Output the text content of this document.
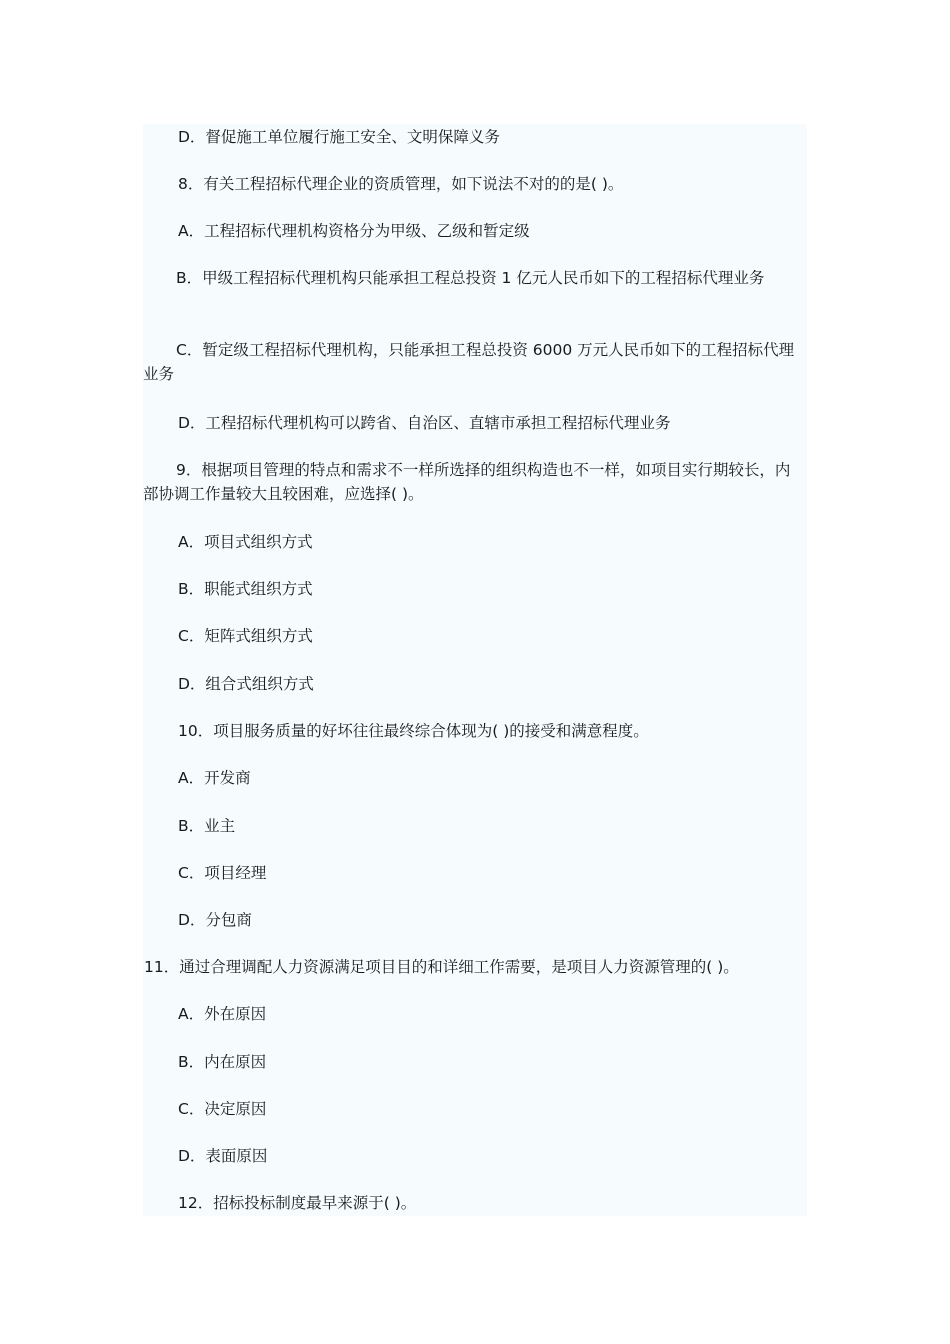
D．督促施工单位履行施工安全、文明保障义务
8．有关工程招标代理企业的资质管理，如下说法不对的的是( )。
A．工程招标代理机构资格分为甲级、乙级和暂定级
B．甲级工程招标代理机构只能承担工程总投资 1 亿元人民币如下的工程招标代理业务
C．暂定级工程招标代理机构，只能承担工程总投资 6000 万元人民币如下的工程招标代理业务
D．工程招标代理机构可以跨省、自治区、直辖市承担工程招标代理业务
9．根据项目管理的特点和需求不一样所选择的组织构造也不一样，如项目实行期较长，内部协调工作量较大且较困难，应选择( )。
A．项目式组织方式
B．职能式组织方式
C．矩阵式组织方式
D．组合式组织方式
10．项目服务质量的好坏往往最终综合体现为( )的接受和满意程度。
A．开发商
B．业主
C．项目经理
D．分包商
11．通过合理调配人力资源满足项目目的和详细工作需要，是项目人力资源管理的( )。
A．外在原因
B．内在原因
C．决定原因
D．表面原因
12．招标投标制度最早来源于( )。
